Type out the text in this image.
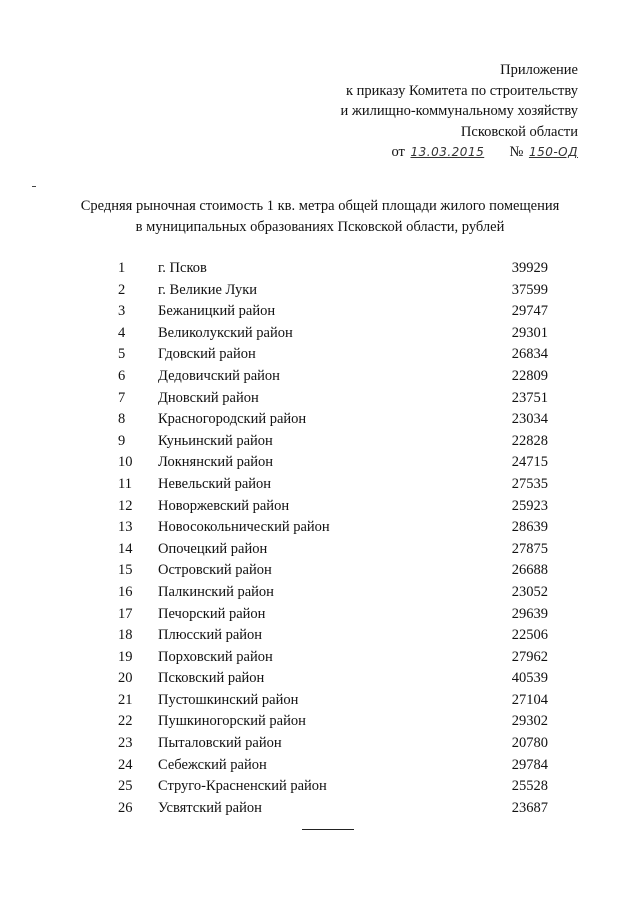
Приложение
к приказу Комитета по строительству
и жилищно-коммунальному хозяйству
Псковской области
от 13.03.2015 № 150-ОД
Средняя рыночная стоимость 1 кв. метра общей площади жилого помещения
в муниципальных образованиях Псковской области, рублей
1	г. Псков	39929
2	г. Великие Луки	37599
3	Бежаницкий район	29747
4	Великолукский район	29301
5	Гдовский район	26834
6	Дедовичский район	22809
7	Дновский район	23751
8	Красногородский район	23034
9	Куньинский район	22828
10	Локнянский район	24715
11	Невельский район	27535
12	Новоржевский район	25923
13	Новосокольнический район	28639
14	Опочецкий район	27875
15	Островский район	26688
16	Палкинский район	23052
17	Печорский район	29639
18	Плюсский район	22506
19	Порховский район	27962
20	Псковский район	40539
21	Пустошкинский район	27104
22	Пушкиногорский район	29302
23	Пыталовский район	20780
24	Себежский район	29784
25	Струго-Красненский район	25528
26	Усвятский район	23687
